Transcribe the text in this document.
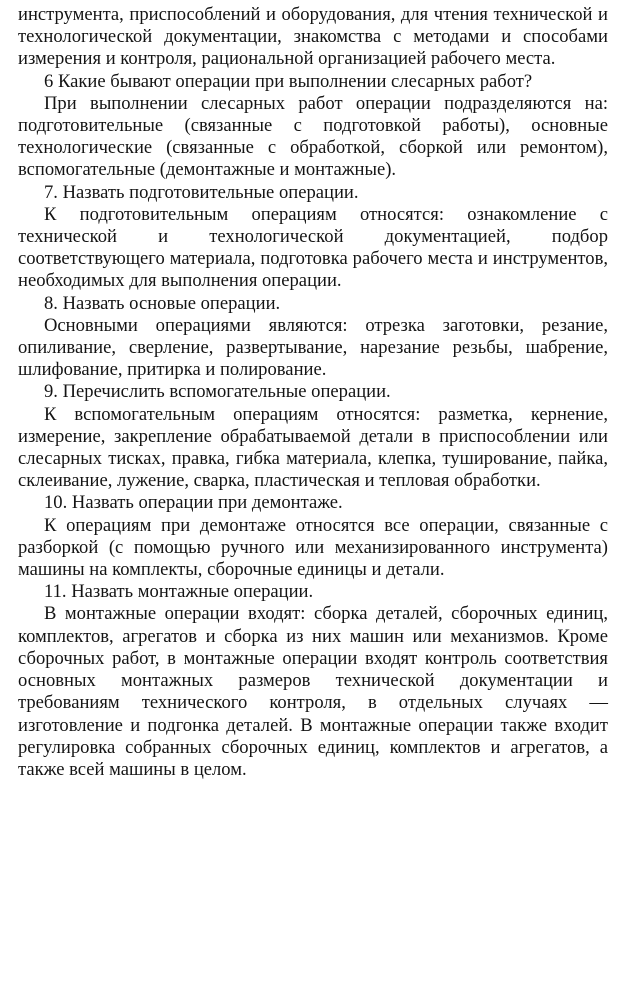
инструмента, приспособлений и оборудования, для чтения технической и технологической документации, знакомства с методами и способами измерения и контроля, рациональной организацией рабочего места.

6 Какие бывают операции при выполнении слесарных работ?

При выполнении слесарных работ операции подразделяются на: подготовительные (связанные с подготовкой работы), основные технологические (связанные с обработкой, сборкой или ремонтом), вспомогательные (демонтажные и монтажные).

7. Назвать подготовительные операции.

К подготовительным операциям относятся: ознакомление с технической и технологической документацией, подбор соответствующего материала, подготовка рабочего места и инструментов, необходимых для выполнения операции.

8. Назвать основые операции.

Основными операциями являются: отрезка заготовки, резание, опиливание, сверление, развертывание, нарезание резьбы, шабрение, шлифование, притирка и полирование.

9. Перечислить вспомогательные операции.

К вспомогательным операциям относятся: разметка, кернение, измерение, закрепление обрабатываемой детали в приспособлении или слесарных тисках, правка, гибка материала, клепка, туширование, пайка, склеивание, лужение, сварка, пластическая и тепловая обработки.

10. Назвать операции при демонтаже.

К операциям при демонтаже относятся все операции, связанные с разборкой (с помощью ручного или механизированного инструмента) машины на комплекты, сборочные единицы и детали.

11. Назвать монтажные операции.

В монтажные операции входят: сборка деталей, сборочных единиц, комплектов, агрегатов и сборка из них машин или механизмов. Кроме сборочных работ, в монтажные операции входят контроль соответствия основных монтажных размеров технической документации и требованиям технического контроля, в отдельных случаях — изготовление и подгонка деталей. В монтажные операции также входит регулировка собранных сборочных единиц, комплектов и агрегатов, а также всей машины в целом.
